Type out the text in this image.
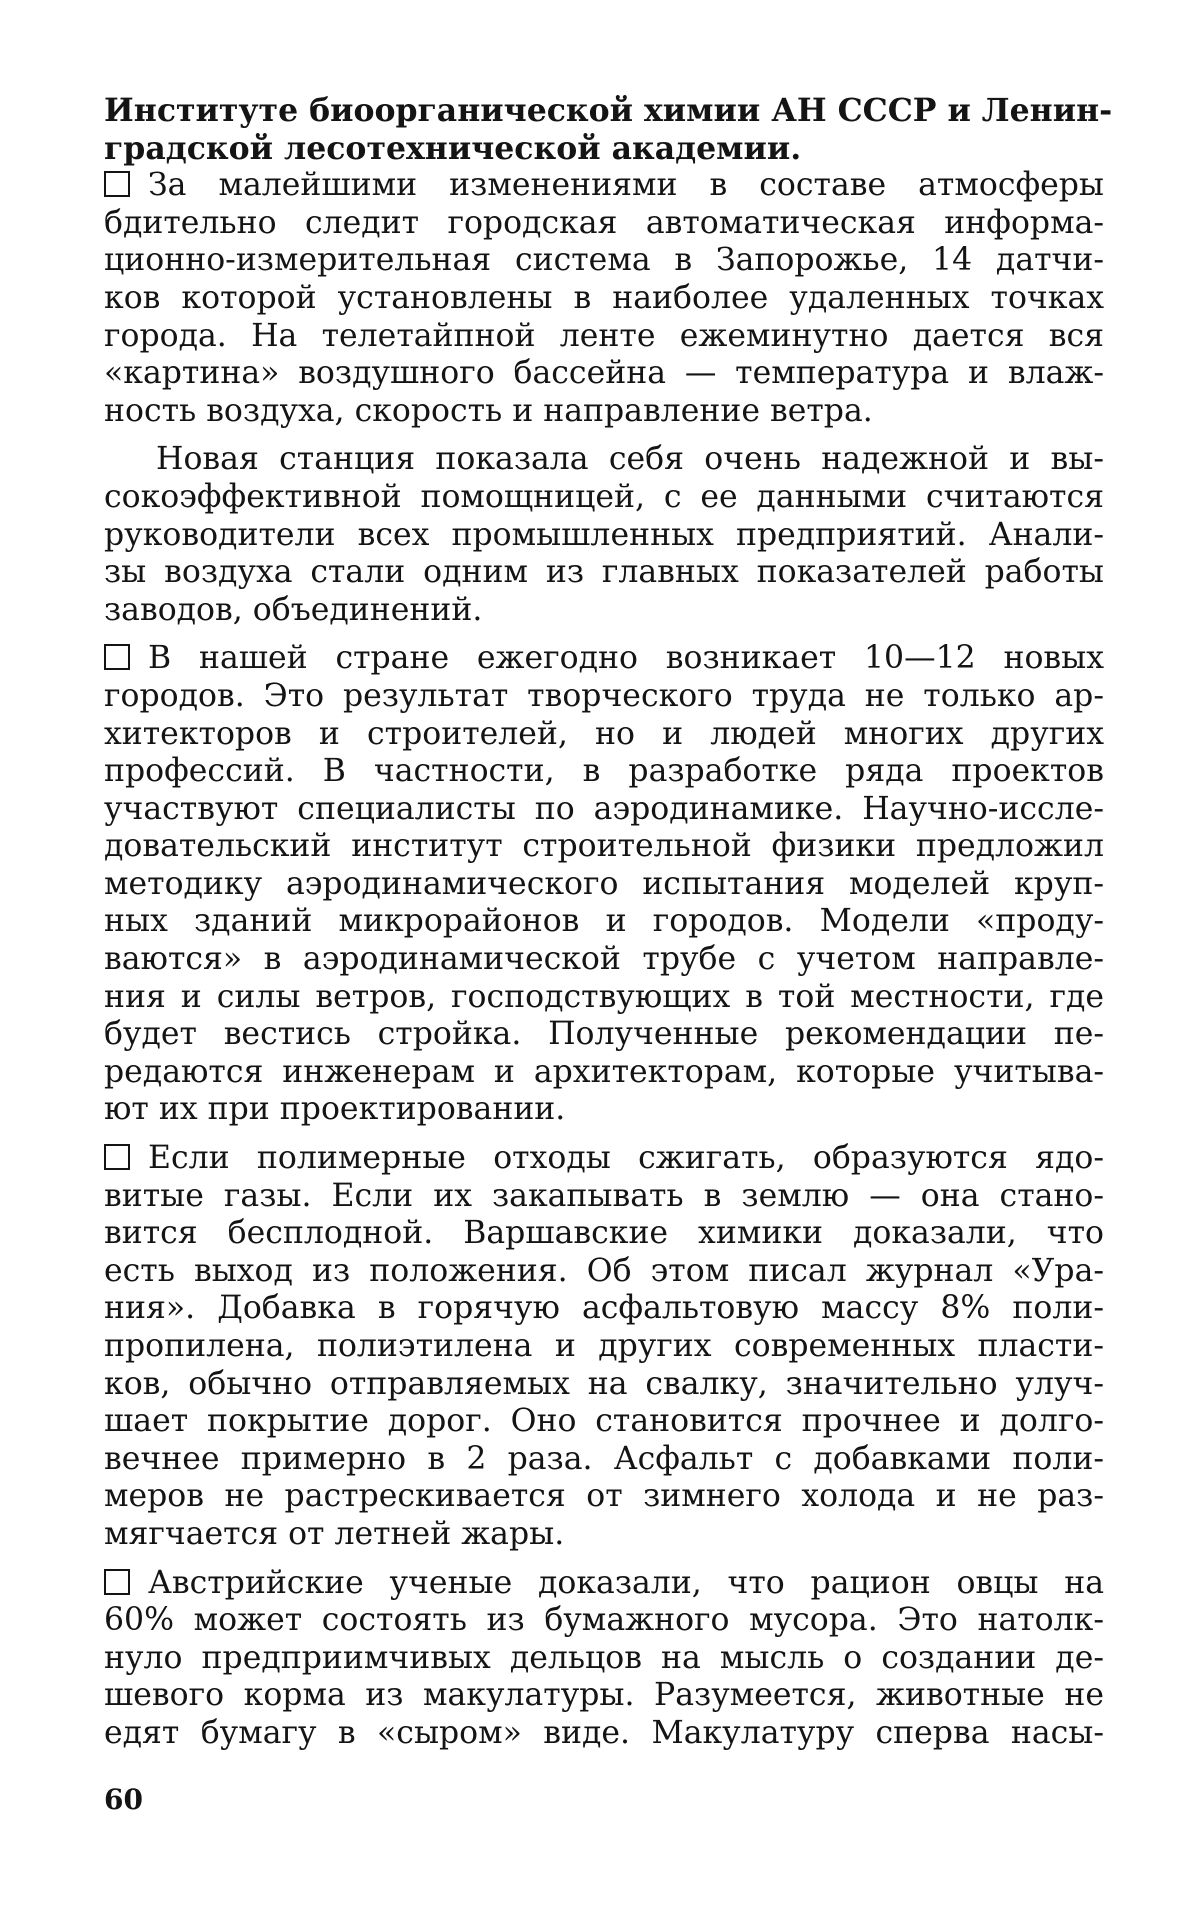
Институте биоорганической химии АН СССР и Ленин-
градской лесотехнической академии.
За малейшими изменениями в составе атмосферы
бдительно следит городская автоматическая информа-
ционно-измерительная система в Запорожье, 14 датчи-
ков которой установлены в наиболее удаленных точках
города. На телетайпной ленте ежеминутно дается вся
«картина» воздушного бассейна — температура и влаж-
ность воздуха, скорость и направление ветра.
Новая станция показала себя очень надежной и вы-
сокоэффективной помощницей, с ее данными считаются
руководители всех промышленных предприятий. Анали-
зы воздуха стали одним из главных показателей работы
заводов, объединений.
В нашей стране ежегодно возникает 10—12 новых
городов. Это результат творческого труда не только ар-
хитекторов и строителей, но и людей многих других
профессий. В частности, в разработке ряда проектов
участвуют специалисты по аэродинамике. Научно-иссле-
довательский институт строительной физики предложил
методику аэродинамического испытания моделей круп-
ных зданий микрорайонов и городов. Модели «проду-
ваются» в аэродинамической трубе с учетом направле-
ния и силы ветров, господствующих в той местности, где
будет вестись стройка. Полученные рекомендации пе-
редаются инженерам и архитекторам, которые учитыва-
ют их при проектировании.
Если полимерные отходы сжигать, образуются ядо-
витые газы. Если их закапывать в землю — она стано-
вится бесплодной. Варшавские химики доказали, что
есть выход из положения. Об этом писал журнал «Ура-
ния». Добавка в горячую асфальтовую массу 8% поли-
пропилена, полиэтилена и других современных пласти-
ков, обычно отправляемых на свалку, значительно улуч-
шает покрытие дорог. Оно становится прочнее и долго-
вечнее примерно в 2 раза. Асфальт с добавками поли-
меров не растрескивается от зимнего холода и не раз-
мягчается от летней жары.
Австрийские ученые доказали, что рацион овцы на
60% может состоять из бумажного мусора. Это натолк-
нуло предприимчивых дельцов на мысль о создании де-
шевого корма из макулатуры. Разумеется, животные не
едят бумагу в «сыром» виде. Макулатуру сперва насы-
60
